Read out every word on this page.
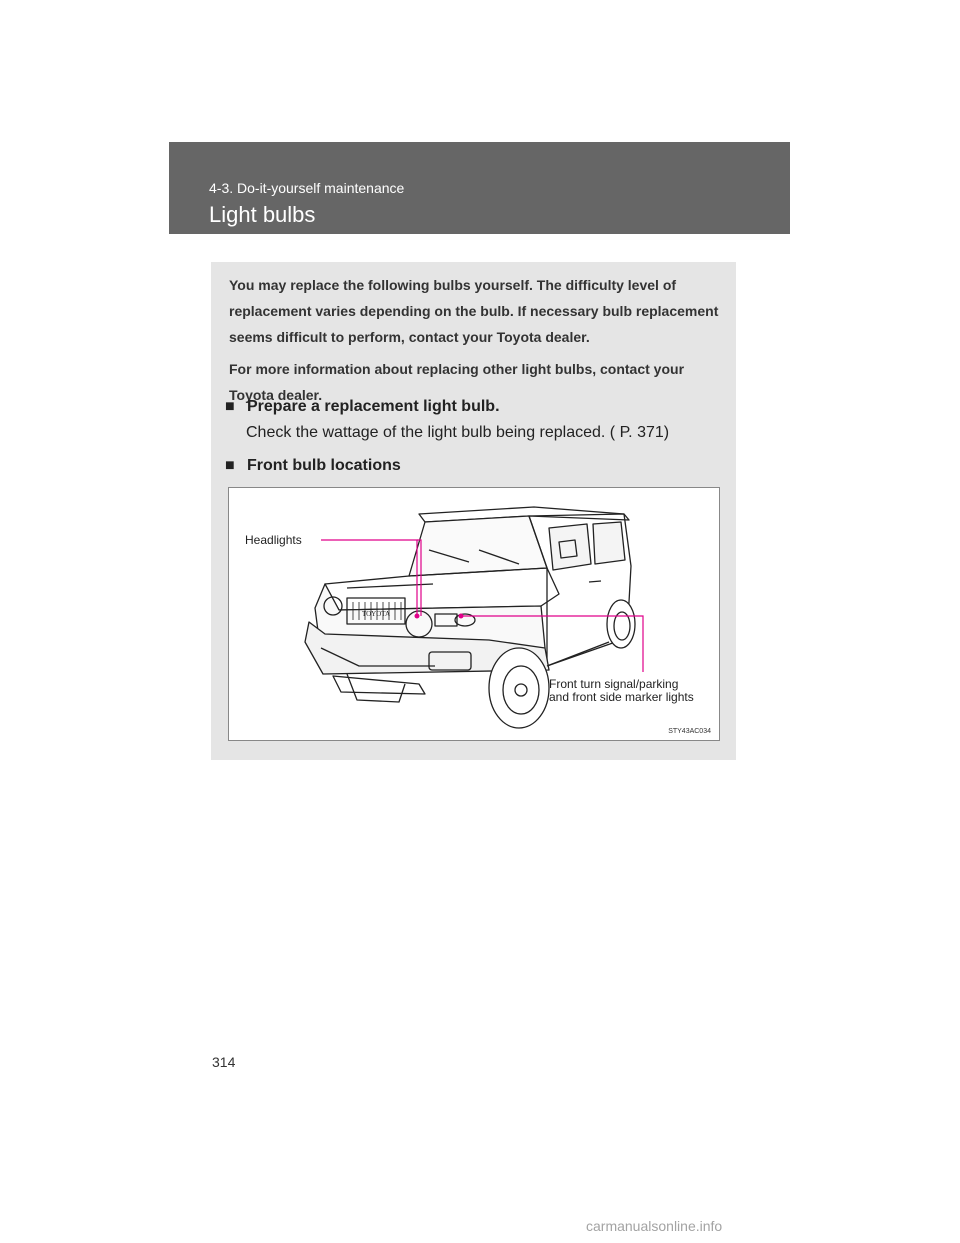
4-3. Do-it-yourself maintenance
Light bulbs

You may replace the following bulbs yourself. The difficulty level of replacement varies depending on the bulb. If necessary bulb replacement seems difficult to perform, contact your Toyota dealer.

For more information about replacing other light bulbs, contact your Toyota dealer.

■ Prepare a replacement light bulb.
Check the wattage of the light bulb being replaced. ( P. 371)
■ Front bulb locations
TOYOTA
Headlights
Front turn signal/parking
and front side marker lights
STY43AC034
314
carmanualsonline.info
